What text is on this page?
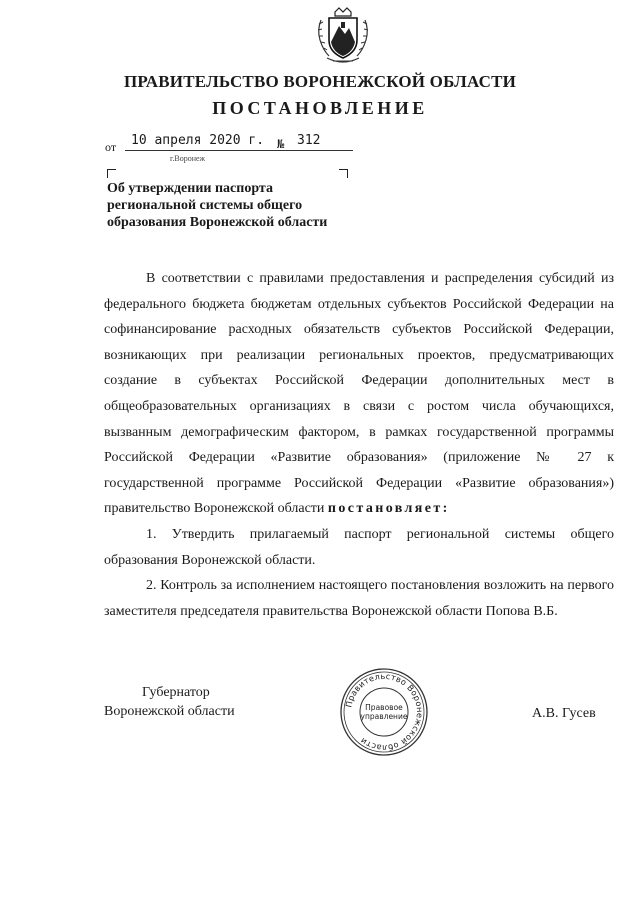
ПРАВИТЕЛЬСТВО ВОРОНЕЖСКОЙ ОБЛАСТИ
ПОСТАНОВЛЕНИЕ
от 10 апреля 2020 г. № 312
г.Воронеж
Об утверждении паспорта
региональной системы общего
образования Воронежской области

В соответствии с правилами предоставления и распределения субсидий из федерального бюджета бюджетам отдельных субъектов Российской Федерации на софинансирование расходных обязательств субъектов Российской Федерации, возникающих при реализации региональных проектов, предусматривающих создание в субъектах Российской Федерации дополнительных мест в общеобразовательных организациях в связи с ростом числа обучающихся, вызванным демографическим фактором, в рамках государственной программы Российской Федерации «Развитие образования» (приложение № 27 к государственной программе Российской Федерации «Развитие образования») правительство Воронежской области постановляет:

1. Утвердить прилагаемый паспорт региональной системы общего образования Воронежской области.

2. Контроль за исполнением настоящего постановления возложить на первого заместителя председателя правительства Воронежской области Попова В.Б.

Губернатор
Воронежской области	Правительство Воронежской области
Правовое
управление	А.В. Гусев
